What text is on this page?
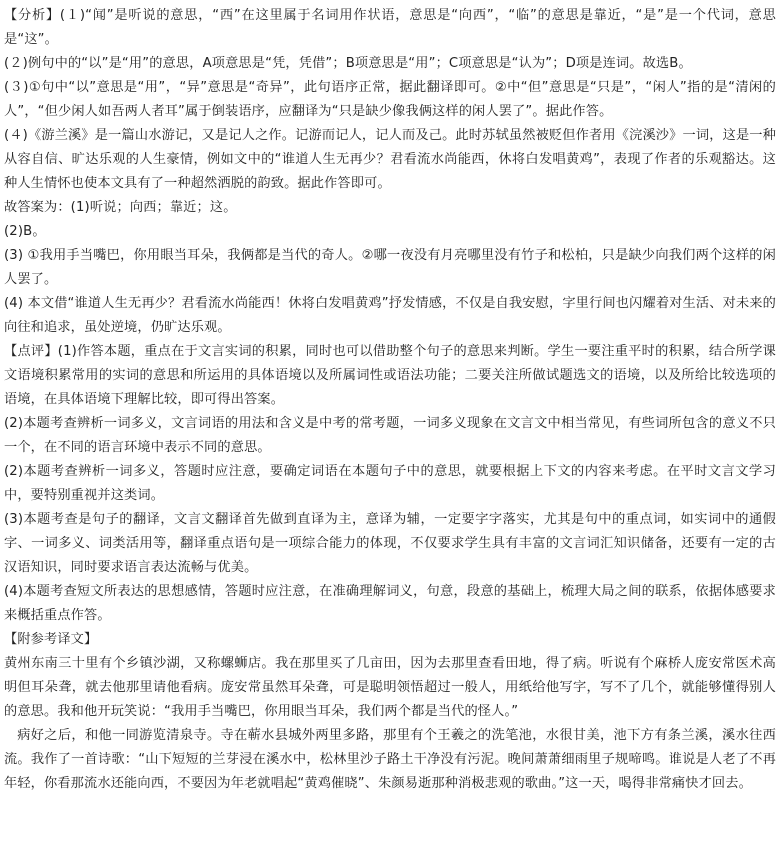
【分析】(１)“闻”是听说的意思，“西”在这里属于名词用作状语，意思是“向西”，“临”的意思是靠近，“是”是一个代词，意思是“这”。

(２)例句中的“以”是“用”的意思，A项意思是“凭，凭借”；B项意思是“用”；C项意思是“认为”；D项是连词。故选B。

(３)①句中“以”意思是“用”，“异”意思是“奇异”，此句语序正常，据此翻译即可。②中“但”意思是“只是”，“闲人”指的是“清闲的人”，“但少闲人如吾两人者耳”属于倒装语序，应翻译为“只是缺少像我俩这样的闲人罢了”。据此作答。

(４)《游兰溪》是一篇山水游记，又是记人之作。记游而记人，记人而及己。此时苏轼虽然被贬但作者用《浣溪沙》一词，这是一种从容自信、旷达乐观的人生豪情，例如文中的“谁道人生无再少？君看流水尚能西，休将白发唱黄鸡”，表现了作者的乐观豁达。这种人生情怀也使本文具有了一种超然洒脱的韵致。据此作答即可。

故答案为：(1)听说；向西；靠近；这。

(2)B。

(3) ①我用手当嘴巴，你用眼当耳朵，我俩都是当代的奇人。②哪一夜没有月亮哪里没有竹子和松柏，只是缺少向我们两个这样的闲人罢了。

(4) 本文借“谁道人生无再少？君看流水尚能西！休将白发唱黄鸡”抒发情感，不仅是自我安慰，字里行间也闪耀着对生活、对未来的向往和追求，虽处逆境，仍旷达乐观。

【点评】(1)作答本题，重点在于文言实词的积累，同时也可以借助整个句子的意思来判断。学生一要注重平时的积累，结合所学课文语境积累常用的实词的意思和所运用的具体语境以及所属词性或语法功能；二要关注所做试题选文的语境，以及所给比较选项的语境，在具体语境下理解比较，即可得出答案。

(2)本题考查辨析一词多义，文言词语的用法和含义是中考的常考题，一词多义现象在文言文中相当常见，有些词所包含的意义不只一个，在不同的语言环境中表示不同的意思。

(2)本题考查辨析一词多义，答题时应注意，要确定词语在本题句子中的意思，就要根据上下文的内容来考虑。在平时文言文学习中，要特别重视并这类词。

(3)本题考查是句子的翻译，文言文翻译首先做到直译为主，意译为辅，一定要字字落实，尤其是句中的重点词，如实词中的通假字、一词多义、词类活用等，翻译重点语句是一项综合能力的体现，不仅要求学生具有丰富的文言词汇知识储备，还要有一定的古汉语知识，同时要求语言表达流畅与优美。

(4)本题考查短文所表达的思想感情，答题时应注意，在准确理解词义，句意，段意的基础上，梳理大局之间的联系，依据体感要求来概括重点作答。

【附参考译文】

黄州东南三十里有个乡镇沙湖，又称螺蛳店。我在那里买了几亩田，因为去那里查看田地，得了病。听说有个麻桥人庞安常医术高明但耳朵聋，就去他那里请他看病。庞安常虽然耳朵聋，可是聪明领悟超过一般人，用纸给他写字，写不了几个，就能够懂得别人的意思。我和他开玩笑说：“我用手当嘴巴，你用眼当耳朵，我们两个都是当代的怪人。”

病好之后，和他一同游览清泉寺。寺在蕲水县城外两里多路，那里有个王羲之的洗笔池，水很甘美，池下方有条兰溪，溪水往西流。我作了一首诗歌：“山下短短的兰芽浸在溪水中，松林里沙子路土干净没有污泥。晚间萧萧细雨里子规啼鸣。谁说是人老了不再年轻，你看那流水还能向西，不要因为年老就唱起“黄鸡催晓”、朱颜易逝那种消极悲观的歌曲。”这一天，喝得非常痛快才回去。
